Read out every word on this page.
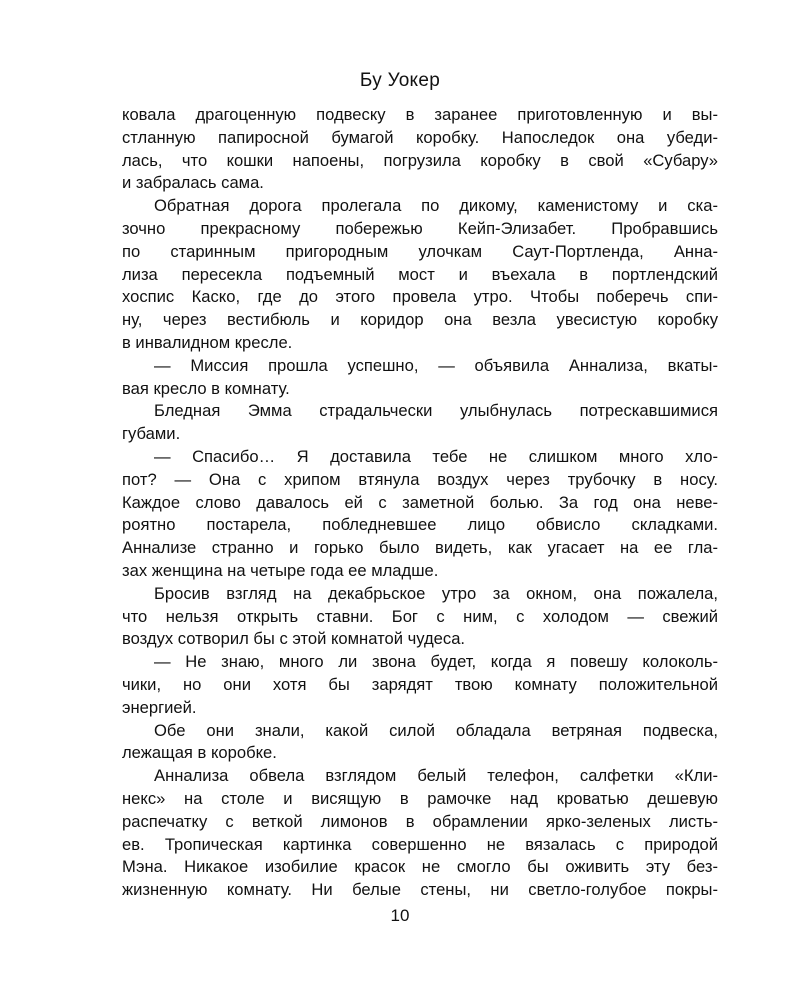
Бу Уокер
ковала драгоценную подвеску в заранее приготовленную и вы-
стланную папиросной бумагой коробку. Напоследок она убеди-
лась, что кошки напоены, погрузила коробку в свой «Субару»
и забралась сама.
Обратная дорога пролегала по дикому, каменистому и ска-
зочно прекрасному побережью Кейп-Элизабет. Пробравшись
по старинным пригородным улочкам Саут-Портленда, Анна-
лиза пересекла подъемный мост и въехала в портлендский
хоспис Каско, где до этого провела утро. Чтобы поберечь спи-
ну, через вестибюль и коридор она везла увесистую коробку
в инвалидном кресле.
— Миссия прошла успешно, — объявила Аннализа, вкаты-
вая кресло в комнату.
Бледная Эмма страдальчески улыбнулась потрескавшимися
губами.
— Спасибо… Я доставила тебе не слишком много хло-
пот? — Она с хрипом втянула воздух через трубочку в носу.
Каждое слово давалось ей с заметной болью. За год она неве-
роятно постарела, побледневшее лицо обвисло складками.
Аннализе странно и горько было видеть, как угасает на ее гла-
зах женщина на четыре года ее младше.
Бросив взгляд на декабрьское утро за окном, она пожалела,
что нельзя открыть ставни. Бог с ним, с холодом — свежий
воздух сотворил бы с этой комнатой чудеса.
— Не знаю, много ли звона будет, когда я повешу колоколь-
чики, но они хотя бы зарядят твою комнату положительной
энергией.
Обе они знали, какой силой обладала ветряная подвеска,
лежащая в коробке.
Аннализа обвела взглядом белый телефон, салфетки «Кли-
некс» на столе и висящую в рамочке над кроватью дешевую
распечатку с веткой лимонов в обрамлении ярко-зеленых листь-
ев. Тропическая картинка совершенно не вязалась с природой
Мэна. Никакое изобилие красок не смогло бы оживить эту без-
жизненную комнату. Ни белые стены, ни светло-голубое покры-
10
